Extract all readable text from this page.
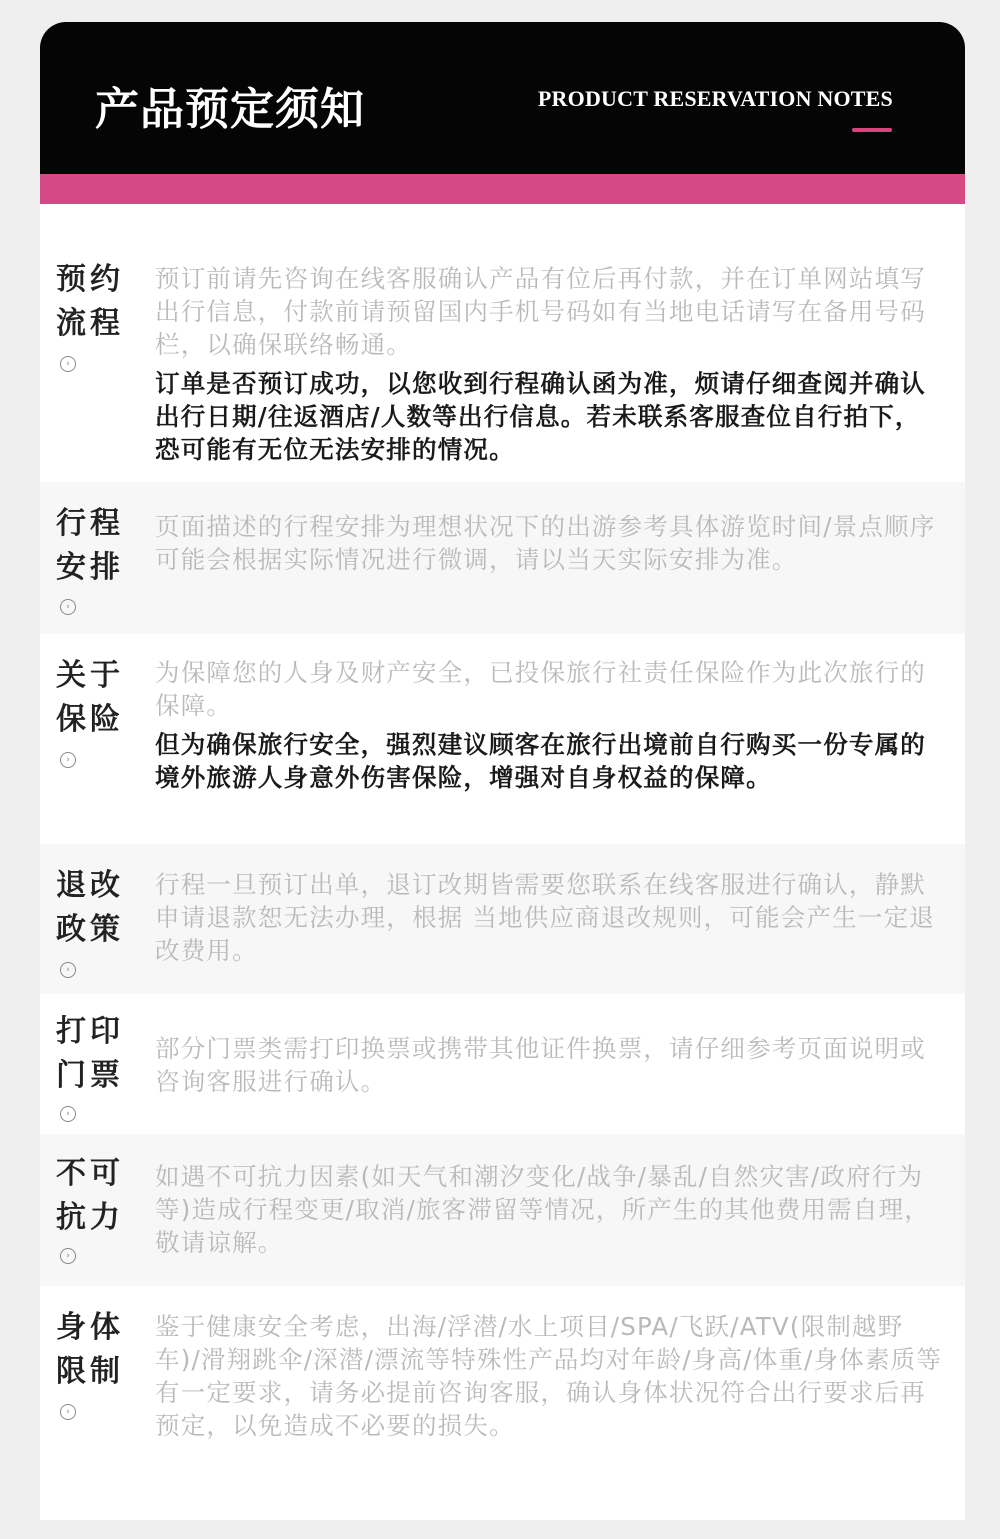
产品预定须知	PRODUCT RESERVATION NOTES
预约
流程
›
预订前请先咨询在线客服确认产品有位后再付款，并在订单网站填写出行信息，付款前请预留国内手机号码如有当地电话请写在备用号码栏，以确保联络畅通。
订单是否预订成功，以您收到行程确认函为准，烦请仔细查阅并确认出行日期/往返酒店/人数等出行信息。若未联系客服查位自行拍下，恐可能有无位无法安排的情况。
行程
安排
›
页面描述的行程安排为理想状况下的出游参考具体游览时间/景点顺序可能会根据实际情况进行微调，请以当天实际安排为准。
关于
保险
›
为保障您的人身及财产安全，已投保旅行社责任保险作为此次旅行的保障。
但为确保旅行安全，强烈建议顾客在旅行出境前自行购买一份专属的境外旅游人身意外伤害保险，增强对自身权益的保障。
退改
政策
›
行程一旦预订出单，退订改期皆需要您联系在线客服进行确认，静默申请退款恕无法办理，根据 当地供应商退改规则，可能会产生一定退改费用。
打印
门票
›
部分门票类需打印换票或携带其他证件换票，请仔细参考页面说明或咨询客服进行确认。
不可
抗力
›
如遇不可抗力因素(如天气和潮汐变化/战争/暴乱/自然灾害/政府行为等)造成行程变更/取消/旅客滞留等情况，所产生的其他费用需自理，敬请谅解。
身体
限制
›
鉴于健康安全考虑，出海/浮潜/水上项目/SPA/飞跃/ATV(限制越野车)/滑翔跳伞/深潜/漂流等特殊性产品均对年龄/身高/体重/身体素质等有一定要求，请务必提前咨询客服，确认身体状况符合出行要求后再预定，以免造成不必要的损失。
